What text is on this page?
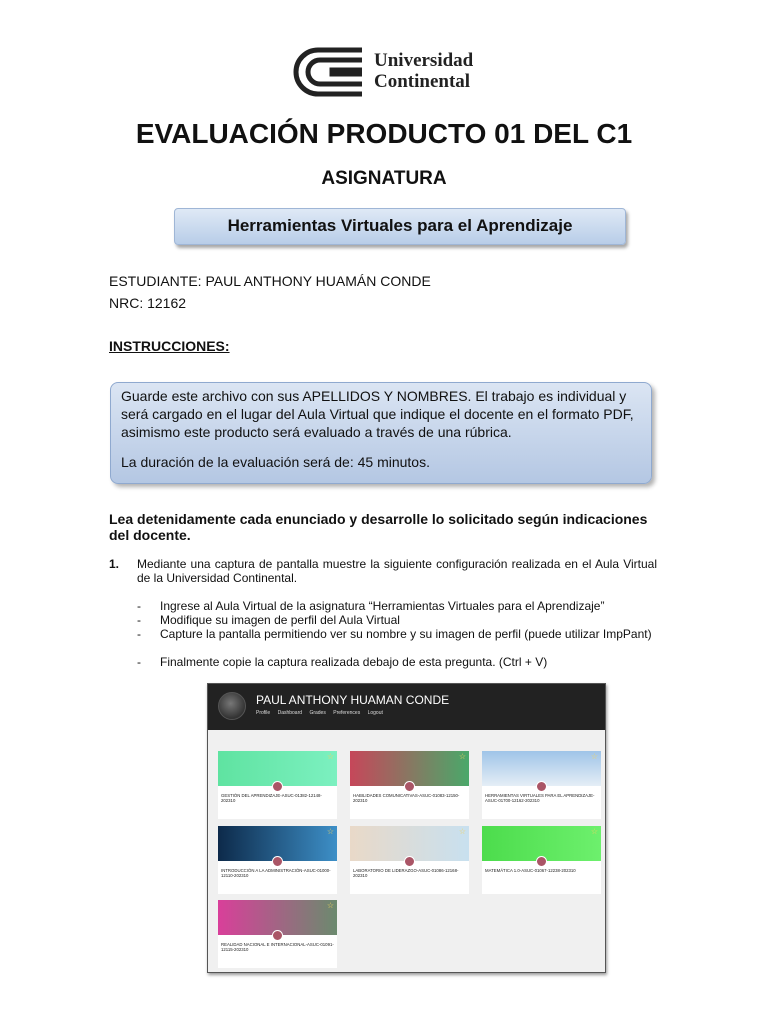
Universidad
Continental
EVALUACIÓN PRODUCTO 01 DEL C1
ASIGNATURA
Herramientas Virtuales para el Aprendizaje
ESTUDIANTE: PAUL ANTHONY HUAMÁN CONDE
NRC: 12162
INSTRUCCIONES:

Guarde este archivo con sus APELLIDOS Y NOMBRES. El trabajo es individual y será cargado en el lugar del Aula Virtual que indique el docente en el formato PDF, asimismo este producto será evaluado a través de una rúbrica.

La duración de la evaluación será de: 45 minutos.

Lea detenidamente cada enunciado y desarrolle lo solicitado según indicaciones del docente.
1. Mediante una captura de pantalla muestre la siguiente configuración realizada en el Aula Virtual de la Universidad Continental.
- Ingrese al Aula Virtual de la asignatura “Herramientas Virtuales para el Aprendizaje”
- Modifique su imagen de perfil del Aula Virtual
- Capture la pantalla permitiendo ver su nombre y su imagen de perfil (puede utilizar ImpPant)
- Finalmente copie la captura realizada debajo de esta pregunta. (Ctrl + V)
PAUL ANTHONY HUAMAN CONDE
Profile Dashboard Grades Preferences Logout
☆
GESTIÓN DEL APRENDIZAJE-ASUC-01382-12148-202310
☆
HABILIDADES COMUNICATIVAS-ASUC-01083-12150-202310
☆
HERRAMIENTAS VIRTUALES PARA EL APRENDIZAJE-ASUC-01700-12162-202310
☆
INTRODUCCIÓN A LA ADMINISTRACIÓN-ASUC-01000-12110-202310
☆
LABORATORIO DE LIDERAZGO-ASUC-01086-12168-202310
☆
MATEMÁTICA 1.0-ASUC-01067-12238-202310
☆
REALIDAD NACIONAL E INTERNACIONAL-ASUC-01091-12115-202310
